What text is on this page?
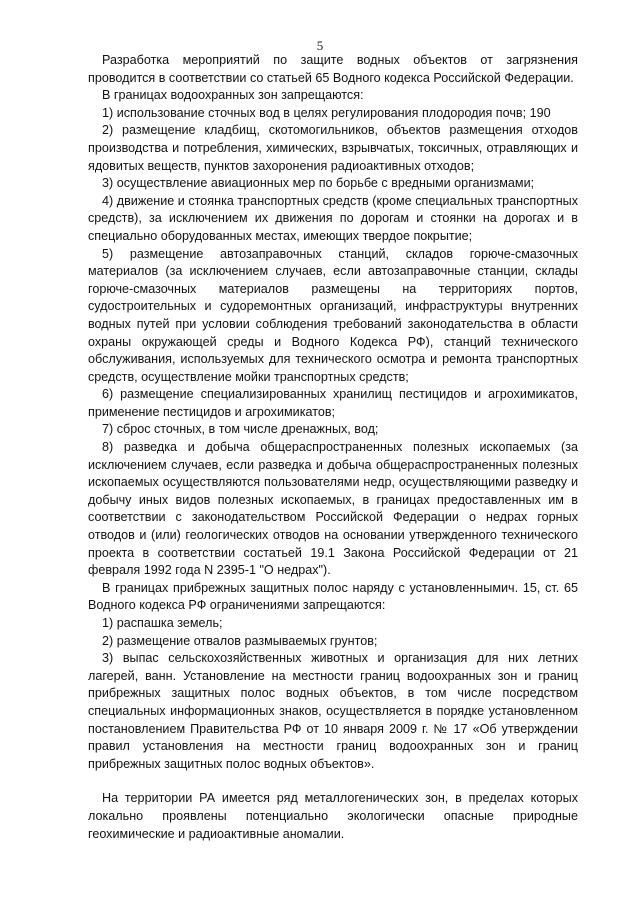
5

Разработка мероприятий по защите водных объектов от загрязнения проводится в соответствии со статьей 65 Водного кодекса Российской Федерации.

В границах водоохранных зон запрещаются:

1) использование сточных вод в целях регулирования плодородия почв; 190

2) размещение кладбищ, скотомогильников, объектов размещения отходов производства и потребления, химических, взрывчатых, токсичных, отравляющих и ядовитых веществ, пунктов захоронения радиоактивных отходов;

3) осуществление авиационных мер по борьбе с вредными организмами;

4) движение и стоянка транспортных средств (кроме специальных транспортных средств), за исключением их движения по дорогам и стоянки на дорогах и в специально оборудованных местах, имеющих твердое покрытие;

5) размещение автозаправочных станций, складов горюче-смазочных материалов (за исключением случаев, если автозаправочные станции, склады горюче-смазочных материалов размещены на территориях портов, судостроительных и судоремонтных организаций, инфраструктуры внутренних водных путей при условии соблюдения требований законодательства в области охраны окружающей среды и Водного Кодекса РФ), станций технического обслуживания, используемых для технического осмотра и ремонта транспортных средств, осуществление мойки транспортных средств;

6) размещение специализированных хранилищ пестицидов и агрохимикатов, применение пестицидов и агрохимикатов;

7) сброс сточных, в том числе дренажных, вод;

8) разведка и добыча общераспространенных полезных ископаемых (за исключением случаев, если разведка и добыча общераспространенных полезных ископаемых осуществляются пользователями недр, осуществляющими разведку и добычу иных видов полезных ископаемых, в границах предоставленных им в соответствии с законодательством Российской Федерации о недрах горных отводов и (или) геологических отводов на основании утвержденного технического проекта в соответствии состатьей 19.1 Закона Российской Федерации от 21 февраля 1992 года N 2395-1 "О недрах").

В границах прибрежных защитных полос наряду с установленнымич. 15, ст. 65 Водного кодекса РФ ограничениями запрещаются:

1) распашка земель;

2) размещение отвалов размываемых грунтов;

3) выпас сельскохозяйственных животных и организация для них летних лагерей, ванн. Установление на местности границ водоохранных зон и границ прибрежных защитных полос водных объектов, в том числе посредством специальных информационных знаков, осуществляется в порядке установленном постановлением Правительства РФ от 10 января 2009 г. № 17 «Об утверждении правил установления на местности границ водоохранных зон и границ прибрежных защитных полос водных объектов».

На территории РА имеется ряд металлогенических зон, в пределах которых локально проявлены потенциально экологически опасные природные геохимические и радиоактивные аномалии.
